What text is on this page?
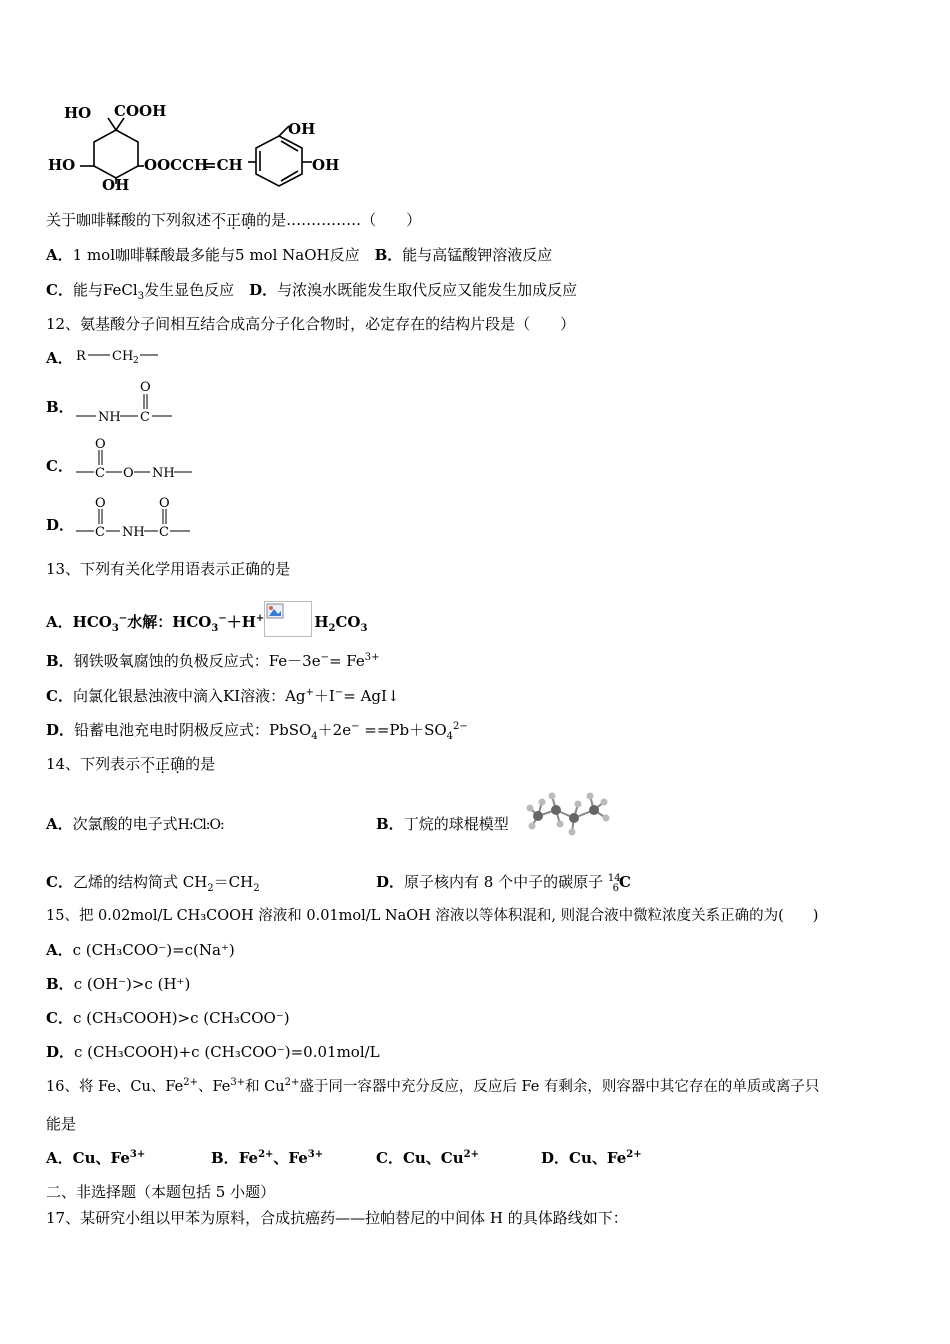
HO COOH
HO
OH
OOCCH
=CH
OH
OH
关于咖啡鞣酸的下列叙述不正确的是……………（　　）
A．1 mol咖啡鞣酸最多能与5 mol NaOH反应　 B．能与高锰酸钾溶液反应
C．能与FeCl$_3$发生显色反应　 D．与浓溴水既能发生取代反应又能发生加成反应
12、氨基酸分子间相互结合成高分子化合物时，必定存在的结构片段是（　　）
A． R CH 2
B．
NH C
O
C． C
O
O NH
D． C
O
NH C
O
13、下列有关化学用语表示正确的是
A．$HCO_3^-$水解：$HCO_3^-+H^+$	$H_2CO_3$
B．钢铁吸氧腐蚀的负极反应式：$Fe-3e^-= Fe^{3+}$
C．向氯化银悬浊液中滴入KI溶液：Ag+＋I−= AgI↓
D．铅蓄电池充电时阴极反应式：PbSO$_4$＋2e− $==Pb+SO_4^{2-}$
14、下列表示不正确的是
A．次氯酸的电子式H:Cl:O:	B．丁烷的球棍模型
C．乙烯的结构简式 $CH_2=CH_2$	D．原子核内有 8 个中子的碳原子 $^{14}_6$C
15、把 0.02mol/L CH₃COOH 溶液和 0.01mol/L NaOH 溶液以等体积混和, 则混合液中微粒浓度关系正确的为(　　)
A．c (CH₃COO⁻)=c(Na⁺)
B．c (OH⁻)>c (H⁺)
C．c (CH₃COOH)>c (CH₃COO⁻)
D．c (CH₃COOH)+c (CH₃COO⁻)=0.01mol/L
16、将 Fe、Cu、$Fe^{2+}$、$Fe^{3+}$和 $Cu^{2+}$盛于同一容器中充分反应，反应后 Fe 有剩余，则容器中其它存在的单质或离子只
能是
A．Cu、$Fe^{3+}$	B．$Fe^{2+}$、$Fe^{3+}$	C．Cu、$Cu^{2+}$	D．Cu、$Fe^{2+}$
二、非选择题（本题包括 5 小题）
17、某研究小组以甲苯为原料，合成抗癌药——拉帕替尼的中间体 H 的具体路线如下：
